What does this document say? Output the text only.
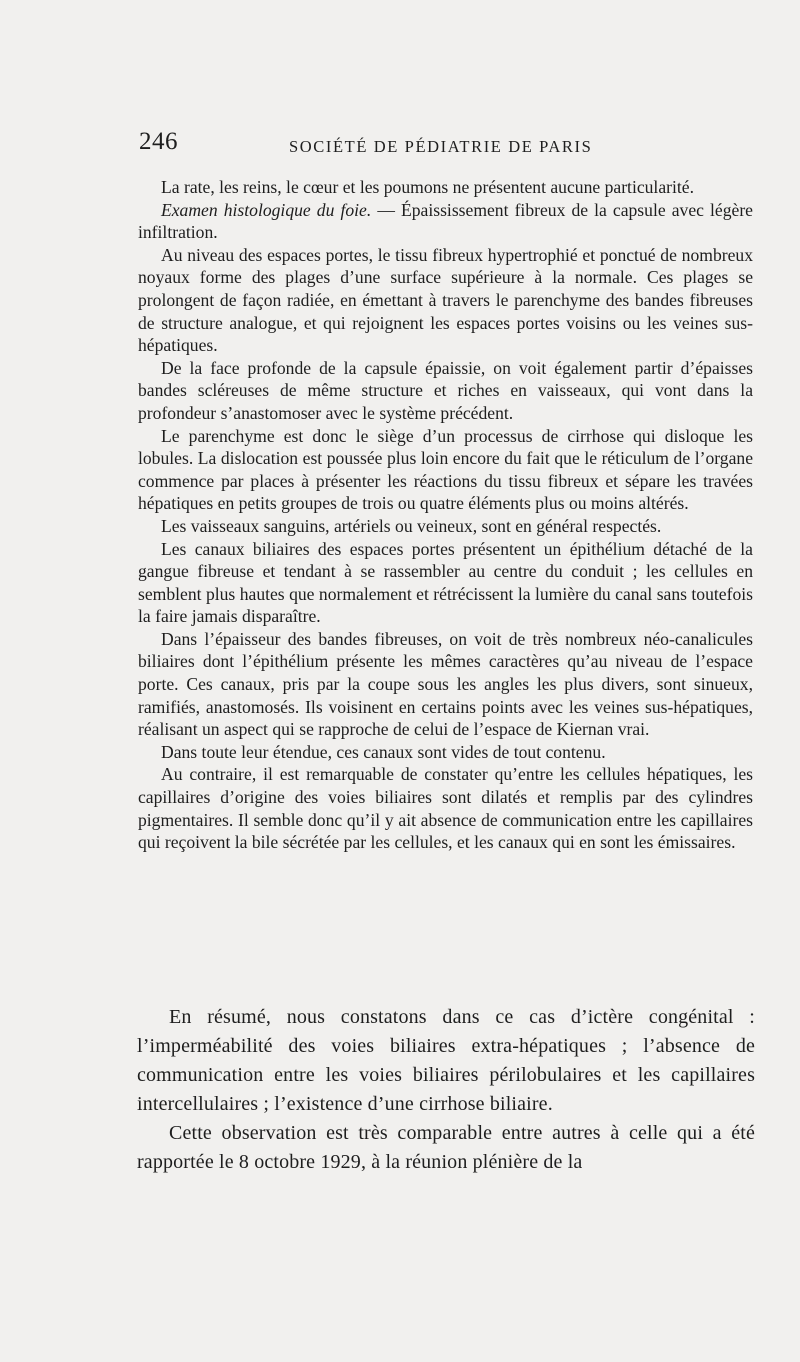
246	SOCIÉTÉ DE PÉDIATRIE DE PARIS

La rate, les reins, le cœur et les poumons ne présentent aucune particularité.

Examen histologique du foie. — Épaississement fibreux de la capsule avec légère infiltration.

Au niveau des espaces portes, le tissu fibreux hypertrophié et ponctué de nombreux noyaux forme des plages d’une surface supérieure à la normale. Ces plages se prolongent de façon radiée, en émettant à travers le parenchyme des bandes fibreuses de structure analogue, et qui rejoignent les espaces portes voisins ou les veines sus-hépatiques.

De la face profonde de la capsule épaissie, on voit également partir d’épaisses bandes scléreuses de même structure et riches en vaisseaux, qui vont dans la profondeur s’anastomoser avec le système précédent.

Le parenchyme est donc le siège d’un processus de cirrhose qui disloque les lobules. La dislocation est poussée plus loin encore du fait que le réticulum de l’organe commence par places à présenter les réactions du tissu fibreux et sépare les travées hépatiques en petits groupes de trois ou quatre éléments plus ou moins altérés.

Les vaisseaux sanguins, artériels ou veineux, sont en général respectés.

Les canaux biliaires des espaces portes présentent un épithélium détaché de la gangue fibreuse et tendant à se rassembler au centre du conduit ; les cellules en semblent plus hautes que normalement et rétrécissent la lumière du canal sans toutefois la faire jamais disparaître.

Dans l’épaisseur des bandes fibreuses, on voit de très nombreux néo-canalicules biliaires dont l’épithélium présente les mêmes caractères qu’au niveau de l’espace porte. Ces canaux, pris par la coupe sous les angles les plus divers, sont sinueux, ramifiés, anastomosés. Ils voisinent en certains points avec les veines sus-hépatiques, réalisant un aspect qui se rapproche de celui de l’espace de Kiernan vrai.

Dans toute leur étendue, ces canaux sont vides de tout contenu.

Au contraire, il est remarquable de constater qu’entre les cellules hépatiques, les capillaires d’origine des voies biliaires sont dilatés et remplis par des cylindres pigmentaires. Il semble donc qu’il y ait absence de communication entre les capillaires qui reçoivent la bile sécrétée par les cellules, et les canaux qui en sont les émissaires.

En résumé, nous constatons dans ce cas d’ictère congénital : l’imperméabilité des voies biliaires extra-hépatiques ; l’absence de communication entre les voies biliaires périlobulaires et les capillaires intercellulaires ; l’existence d’une cirrhose biliaire.

Cette observation est très comparable entre autres à celle qui a été rapportée le 8 octobre 1929, à la réunion plénière de la
